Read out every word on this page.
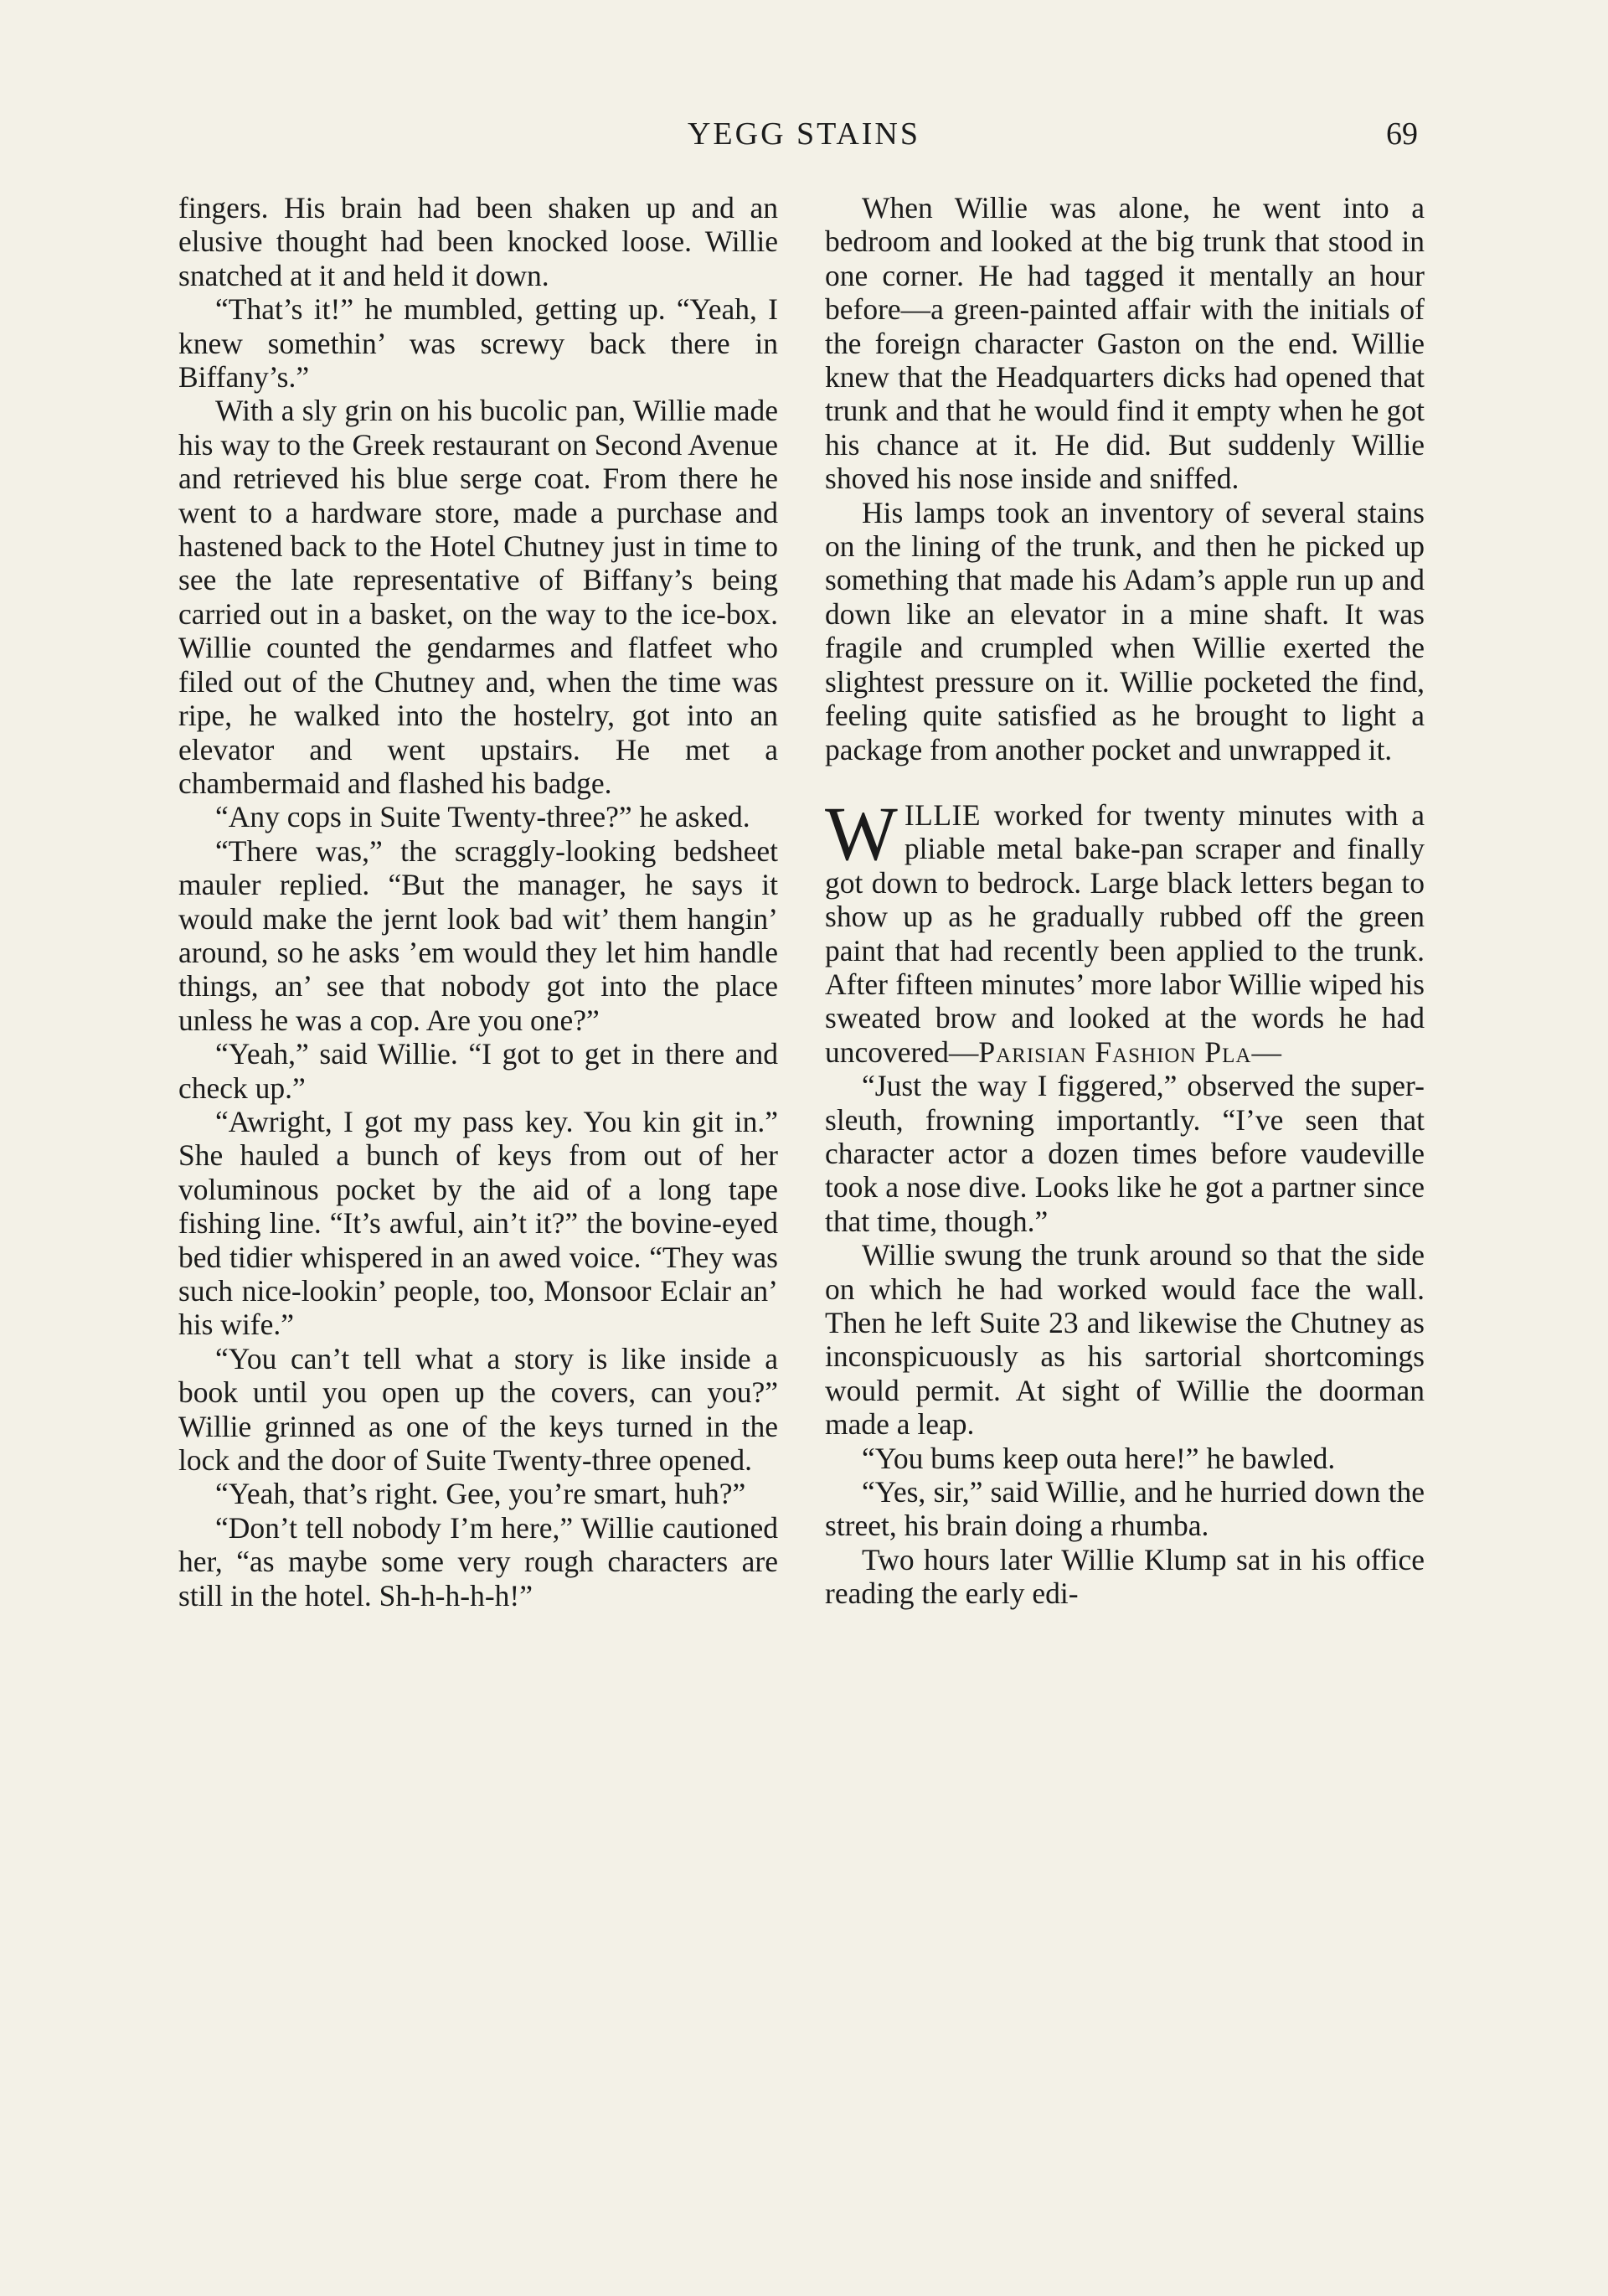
YEGG STAINS	69

fingers. His brain had been shaken up and an elusive thought had been knocked loose. Willie snatched at it and held it down.

“That’s it!” he mumbled, getting up. “Yeah, I knew somethin’ was screwy back there in Biffany’s.”

With a sly grin on his bucolic pan, Willie made his way to the Greek restaurant on Second Avenue and retrieved his blue serge coat. From there he went to a hardware store, made a purchase and hastened back to the Hotel Chutney just in time to see the late representative of Biffany’s being carried out in a basket, on the way to the ice-box. Willie counted the gendarmes and flatfeet who filed out of the Chutney and, when the time was ripe, he walked into the hostelry, got into an elevator and went upstairs. He met a chambermaid and flashed his badge.

“Any cops in Suite Twenty-three?” he asked.

“There was,” the scraggly-looking bedsheet mauler replied. “But the manager, he says it would make the jernt look bad wit’ them hangin’ around, so he asks ’em would they let him handle things, an’ see that nobody got into the place unless he was a cop. Are you one?”

“Yeah,” said Willie. “I got to get in there and check up.”

“Awright, I got my pass key. You kin git in.” She hauled a bunch of keys from out of her voluminous pocket by the aid of a long tape fishing line. “It’s awful, ain’t it?” the bovine-eyed bed tidier whispered in an awed voice. “They was such nice-lookin’ people, too, Monsoor Eclair an’ his wife.”

“You can’t tell what a story is like inside a book until you open up the covers, can you?” Willie grinned as one of the keys turned in the lock and the door of Suite Twenty-three opened.

“Yeah, that’s right. Gee, you’re smart, huh?”

“Don’t tell nobody I’m here,” Willie cautioned her, “as maybe some very rough characters are still in the hotel. Sh-h-h-h-h!”

When Willie was alone, he went into a bedroom and looked at the big trunk that stood in one corner. He had tagged it mentally an hour before—a green-painted affair with the initials of the foreign character Gaston on the end. Willie knew that the Headquarters dicks had opened that trunk and that he would find it empty when he got his chance at it. He did. But suddenly Willie shoved his nose inside and sniffed.

His lamps took an inventory of several stains on the lining of the trunk, and then he picked up something that made his Adam’s apple run up and down like an elevator in a mine shaft. It was fragile and crumpled when Willie exerted the slightest pressure on it. Willie pocketed the find, feeling quite satisfied as he brought to light a package from another pocket and unwrapped it.

WILLIE worked for twenty minutes with a pliable metal bake-pan scraper and finally got down to bedrock. Large black letters began to show up as he gradually rubbed off the green paint that had recently been applied to the trunk. After fifteen minutes’ more labor Willie wiped his sweated brow and looked at the words he had uncovered—Parisian Fashion Pla—

“Just the way I figgered,” observed the super-sleuth, frowning importantly. “I’ve seen that character actor a dozen times before vaudeville took a nose dive. Looks like he got a partner since that time, though.”

Willie swung the trunk around so that the side on which he had worked would face the wall. Then he left Suite 23 and likewise the Chutney as inconspicuously as his sartorial shortcomings would permit. At sight of Willie the doorman made a leap.

“You bums keep outa here!” he bawled.

“Yes, sir,” said Willie, and he hurried down the street, his brain doing a rhumba.

Two hours later Willie Klump sat in his office reading the early edi-
